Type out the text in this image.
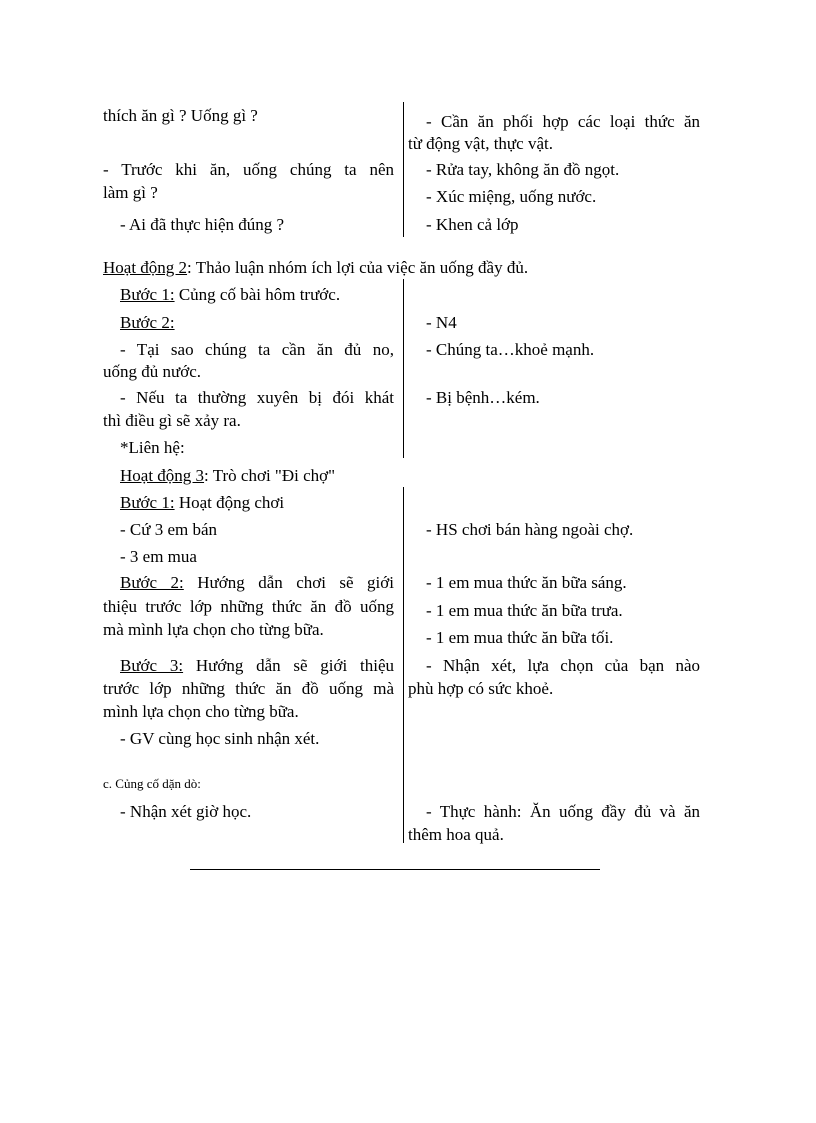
thích ăn gì ? Uống gì ?
- Trước khi ăn, uống chúng ta nên
làm gì ?
- Ai đã thực hiện đúng ?
- Cần ăn phối hợp các loại thức ăn
từ động vật, thực vật.
- Rửa tay, không ăn đồ ngọt.
- Xúc miệng, uống nước.
- Khen cả lớp
Hoạt động 2: Thảo luận nhóm ích lợi của việc ăn uống đầy đủ.
Bước 1: Củng cố bài hôm trước.
Bước 2:
- Tại sao chúng ta cần ăn đủ no,
uống đủ nước.
- Nếu ta thường xuyên bị đói khát
thì điều gì sẽ xảy ra.
*Liên hệ:
- N4
- Chúng ta…khoẻ mạnh.
- Bị bệnh…kém.
Hoạt động 3: Trò chơi "Đi chợ"
Bước 1: Hoạt động chơi
- Cứ 3 em bán
- 3 em mua
Bước 2: Hướng dẫn chơi sẽ giới
thiệu trước lớp những thức ăn đồ uống
mà mình lựa chọn cho từng bữa.
Bước 3: Hướng dẫn sẽ giới thiệu
trước lớp những thức ăn đồ uống mà
mình lựa chọn cho từng bữa.
- GV cùng học sinh nhận xét.
- HS chơi bán hàng ngoài chợ.
- 1 em mua thức ăn bữa sáng.
- 1 em mua thức ăn bữa trưa.
- 1 em mua thức ăn bữa tối.
- Nhận xét, lựa chọn của bạn nào
phù hợp có sức khoẻ.
c. Củng cố dặn dò:
- Nhận xét giờ học.	- Thực hành: Ăn uống đầy đủ và ăn
thêm hoa quả.
